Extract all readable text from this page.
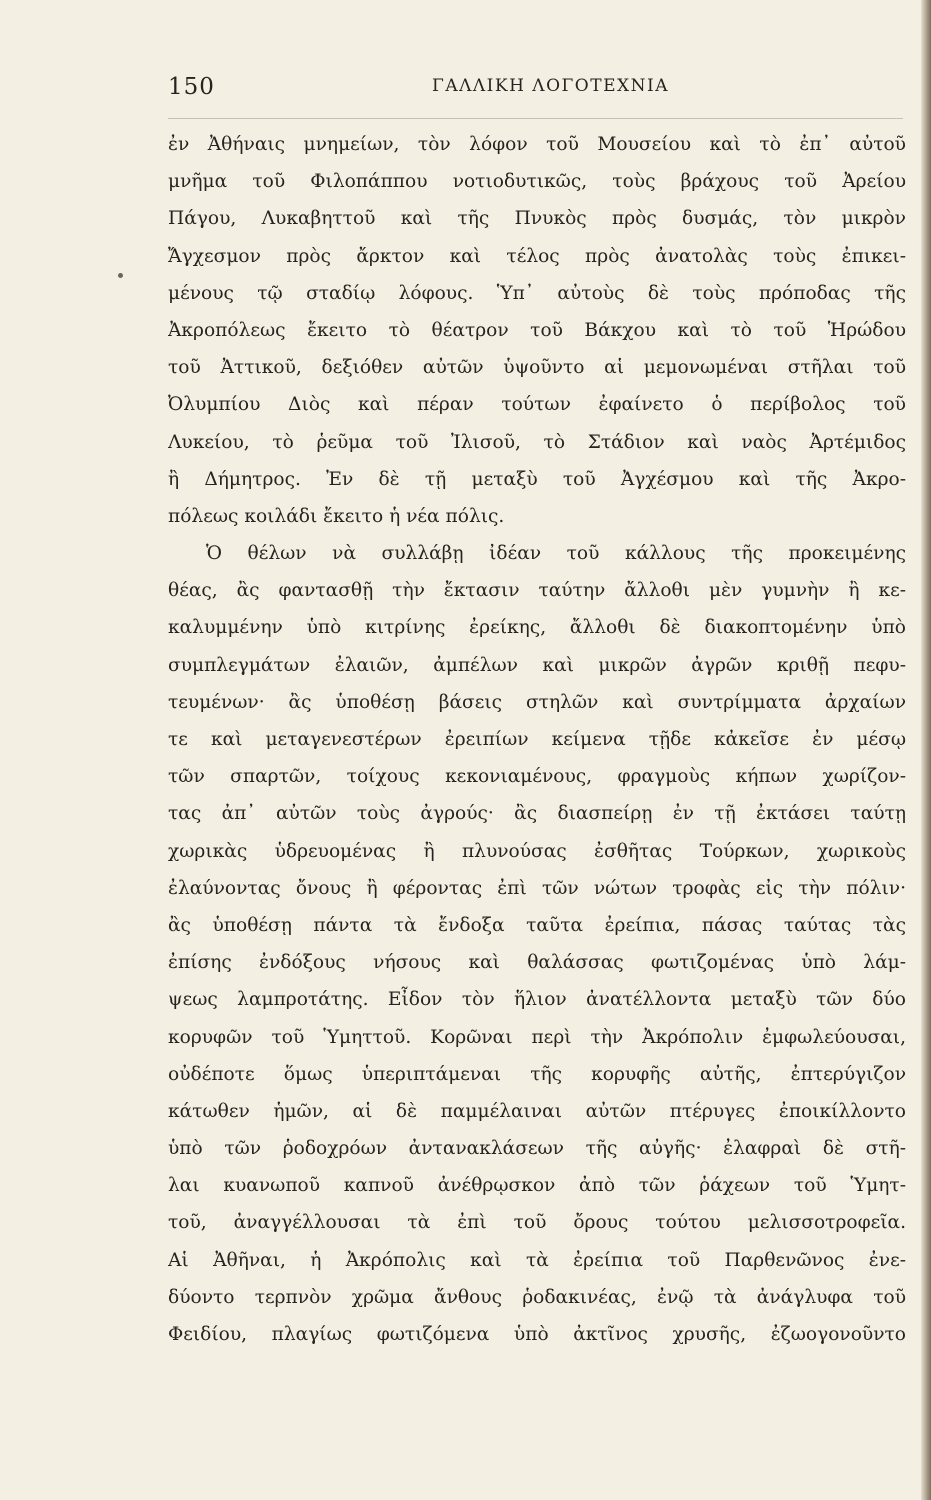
150	ΓΑΛΛΙΚΗ ΛΟΓΟΤΕΧΝΙΑ
ἐν Ἀθήναις μνημείων, τὸν λόφον τοῦ Μουσείου καὶ τὸ ἐπ᾽ αὐτοῦ
μνῆμα τοῦ Φιλοπάππου νοτιοδυτικῶς, τοὺς βράχους τοῦ Ἀρείου
Πάγου, Λυκαβηττοῦ καὶ τῆς Πνυκὸς πρὸς δυσμάς, τὸν μικρὸν
Ἄγχεσμον πρὸς ἄρκτον καὶ τέλος πρὸς ἀνατολὰς τοὺς ἐπικει-
μένους τῷ σταδίῳ λόφους. Ὑπ᾽ αὐτοὺς δὲ τοὺς πρόποδας τῆς
Ἀκροπόλεως ἔκειτο τὸ θέατρον τοῦ Βάκχου καὶ τὸ τοῦ Ἡρώδου
τοῦ Ἀττικοῦ, δεξιόθεν αὐτῶν ὑψοῦντο αἱ μεμονωμέναι στῆλαι τοῦ
Ὀλυμπίου Διὸς καὶ πέραν τούτων ἐφαίνετο ὁ περίβολος τοῦ
Λυκείου, τὸ ῥεῦμα τοῦ Ἰλισοῦ, τὸ Στάδιον καὶ ναὸς Ἀρτέμιδος
ἢ Δήμητρος. Ἐν δὲ τῇ μεταξὺ τοῦ Ἀγχέσμου καὶ τῆς Ἀκρο-
πόλεως κοιλάδι ἔκειτο ἡ νέα πόλις.
Ὁ θέλων νὰ συλλάβῃ ἰδέαν τοῦ κάλλους τῆς προκειμένης
θέας, ἂς φαντασθῇ τὴν ἔκτασιν ταύτην ἄλλοθι μὲν γυμνὴν ἢ κε-
καλυμμένην ὑπὸ κιτρίνης ἐρείκης, ἄλλοθι δὲ διακοπτομένην ὑπὸ
συμπλεγμάτων ἐλαιῶν, ἀμπέλων καὶ μικρῶν ἀγρῶν κριθῇ πεφυ-
τευμένων· ἂς ὑποθέσῃ βάσεις στηλῶν καὶ συντρίμματα ἀρχαίων
τε καὶ μεταγενεστέρων ἐρειπίων κείμενα τῇδε κἀκεῖσε ἐν μέσῳ
τῶν σπαρτῶν, τοίχους κεκονιαμένους, φραγμοὺς κήπων χωρίζον-
τας ἀπ᾽ αὐτῶν τοὺς ἀγρούς· ἂς διασπείρῃ ἐν τῇ ἐκτάσει ταύτῃ
χωρικὰς ὑδρευομένας ἢ πλυνούσας ἐσθῆτας Τούρκων, χωρικοὺς
ἐλαύνοντας ὄνους ἢ φέροντας ἐπὶ τῶν νώτων τροφὰς εἰς τὴν πόλιν·
ἂς ὑποθέσῃ πάντα τὰ ἔνδοξα ταῦτα ἐρείπια, πάσας ταύτας τὰς
ἐπίσης ἐνδόξους νήσους καὶ θαλάσσας φωτιζομένας ὑπὸ λάμ-
ψεως λαμπροτάτης. Εἶδον τὸν ἥλιον ἀνατέλλοντα μεταξὺ τῶν δύο
κορυφῶν τοῦ Ὑμηττοῦ. Κορῶναι περὶ τὴν Ἀκρόπολιν ἐμφωλεύουσαι,
οὐδέποτε ὅμως ὑπεριπτάμεναι τῆς κορυφῆς αὐτῆς, ἐπτερύγιζον
κάτωθεν ἡμῶν, αἱ δὲ παμμέλαιναι αὐτῶν πτέρυγες ἐποικίλλοντο
ὑπὸ τῶν ῥοδοχρόων ἀντανακλάσεων τῆς αὐγῆς· ἐλαφραὶ δὲ στῆ-
λαι κυανωποῦ καπνοῦ ἀνέθρῳσκον ἀπὸ τῶν ῥάχεων τοῦ Ὑμητ-
τοῦ, ἀναγγέλλουσαι τὰ ἐπὶ τοῦ ὄρους τούτου μελισσοτροφεῖα.
Αἱ Ἀθῆναι, ἡ Ἀκρόπολις καὶ τὰ ἐρείπια τοῦ Παρθενῶνος ἐνε-
δύοντο τερπνὸν χρῶμα ἄνθους ῥοδακινέας, ἐνῷ τὰ ἀνάγλυφα τοῦ
Φειδίου, πλαγίως φωτιζόμενα ὑπὸ ἀκτῖνος χρυσῆς, ἐζωογονοῦντο
